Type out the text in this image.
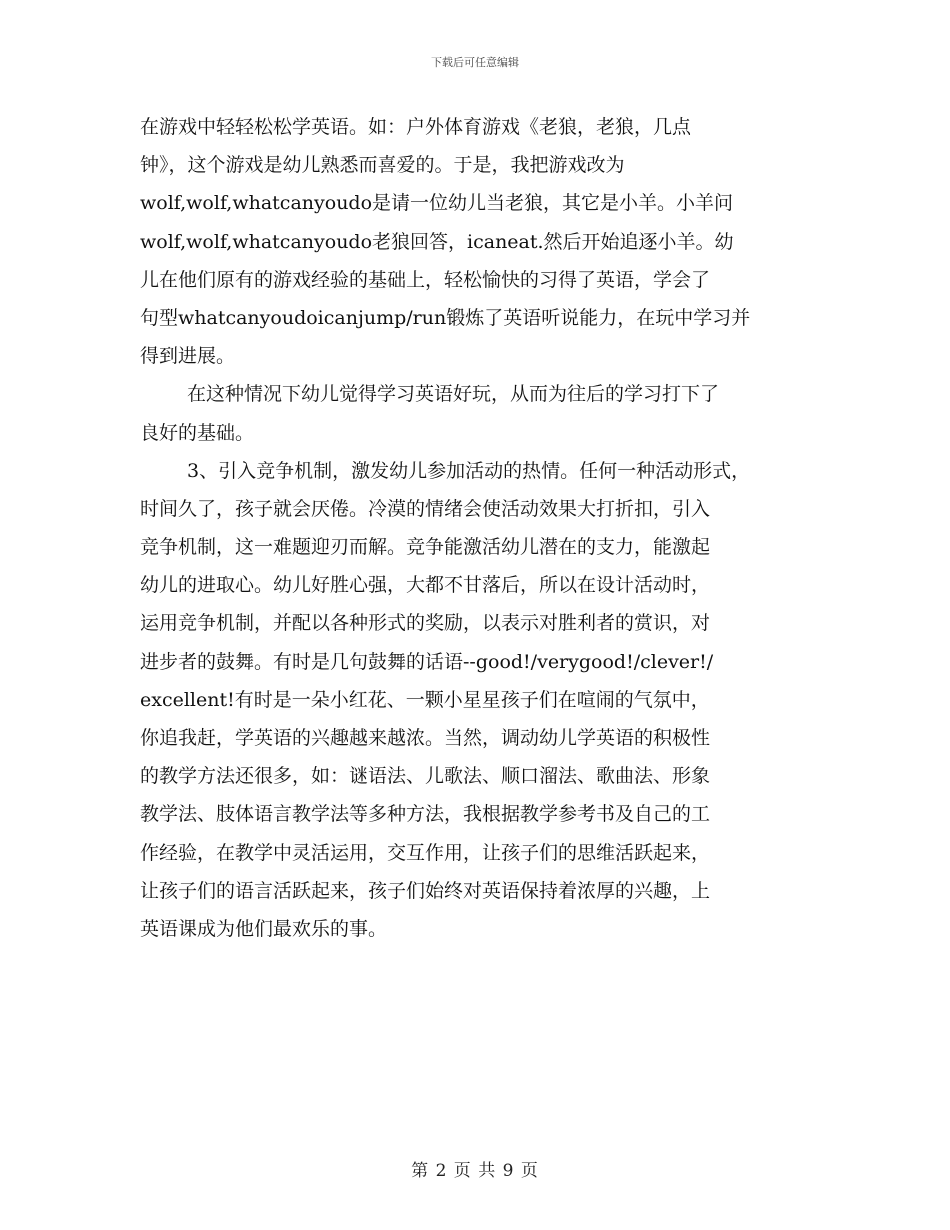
下载后可任意编辑
在游戏中轻轻松松学英语。如：户外体育游戏《老狼，老狼，几点
钟》，这个游戏是幼儿熟悉而喜爱的。于是，我把游戏改为
wolf,wolf,whatcanyoudo是请一位幼儿当老狼，其它是小羊。小羊问
wolf,wolf,whatcanyoudo老狼回答，icaneat.然后开始追逐小羊。幼
儿在他们原有的游戏经验的基础上，轻松愉快的习得了英语，学会了
句型whatcanyoudoicanjump/run锻炼了英语听说能力，在玩中学习并
得到进展。
在这种情况下幼儿觉得学习英语好玩，从而为往后的学习打下了
良好的基础。
3、引入竞争机制，激发幼儿参加活动的热情。任何一种活动形式，
时间久了，孩子就会厌倦。冷漠的情绪会使活动效果大打折扣，引入
竞争机制，这一难题迎刃而解。竞争能激活幼儿潜在的支力，能激起
幼儿的进取心。幼儿好胜心强，大都不甘落后，所以在设计活动时，
运用竞争机制，并配以各种形式的奖励，以表示对胜利者的赏识，对
进步者的鼓舞。有时是几句鼓舞的话语--good!/verygood!/clever!/
excellent!有时是一朵小红花、一颗小星星孩子们在喧闹的气氛中，
你追我赶，学英语的兴趣越来越浓。当然，调动幼儿学英语的积极性
的教学方法还很多，如：谜语法、儿歌法、顺口溜法、歌曲法、形象
教学法、肢体语言教学法等多种方法，我根据教学参考书及自己的工
作经验，在教学中灵活运用，交互作用，让孩子们的思维活跃起来，
让孩子们的语言活跃起来，孩子们始终对英语保持着浓厚的兴趣，上
英语课成为他们最欢乐的事。
第 2 页 共 9 页
